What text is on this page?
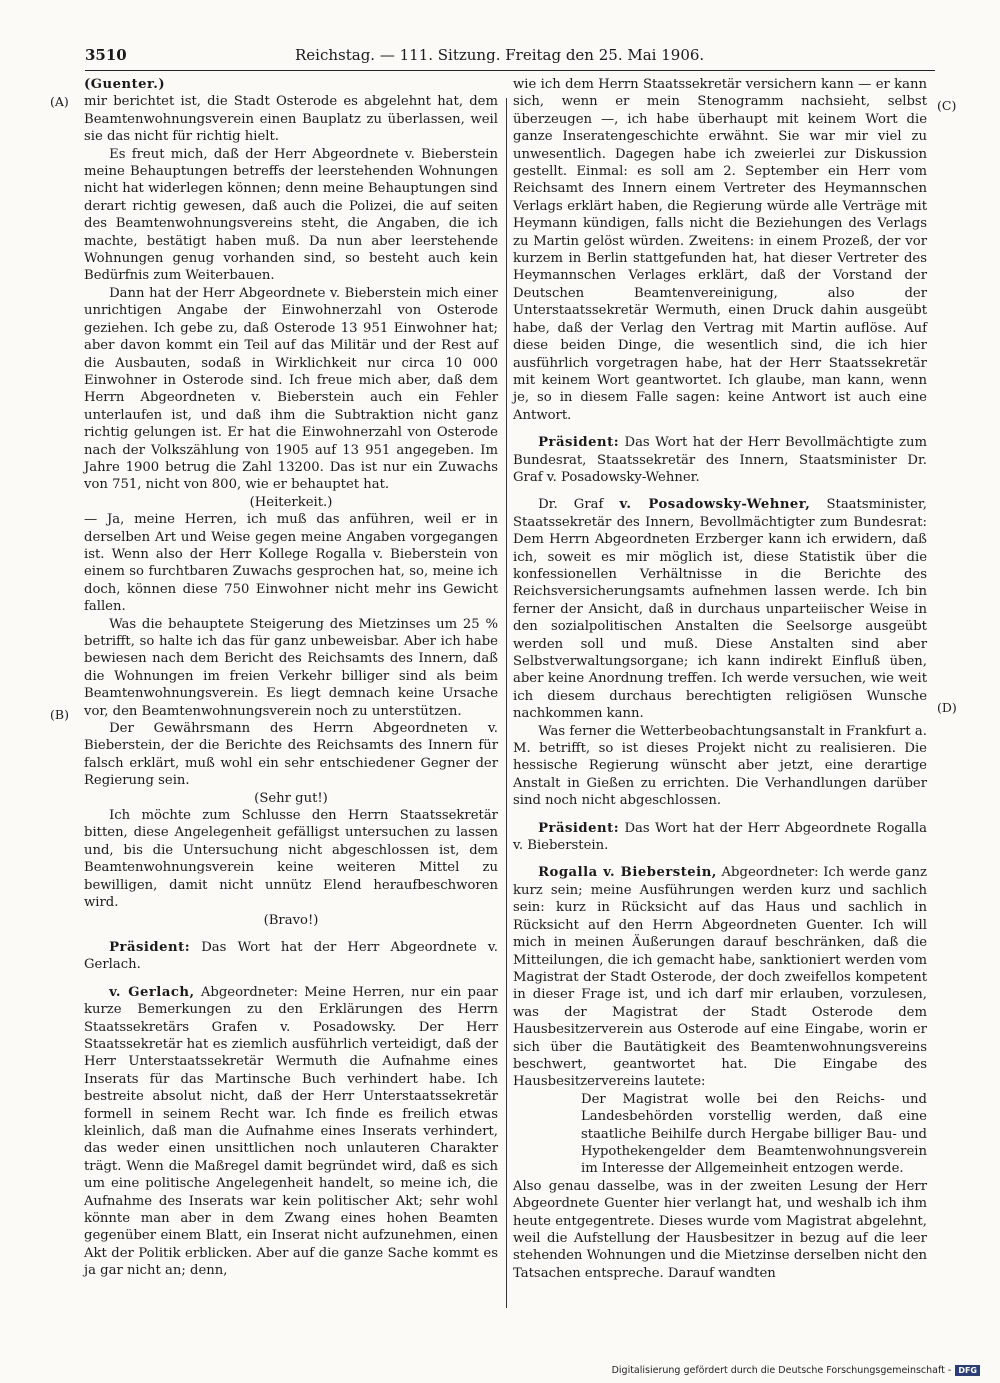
3510	Reichstag. — 111. Sitzung. Freitag den 25. Mai 1906.
(A)
(B)
(C)
(D)

(Guenter.)

mir berichtet ist, die Stadt Osterode es abgelehnt hat, dem Beamtenwohnungsverein einen Bauplatz zu überlassen, weil sie das nicht für richtig hielt.

Es freut mich, daß der Herr Abgeordnete v. Bieberstein meine Behauptungen betreffs der leerstehenden Wohnungen nicht hat widerlegen können; denn meine Behauptungen sind derart richtig gewesen, daß auch die Polizei, die auf seiten des Beamtenwohnungsvereins steht, die Angaben, die ich machte, bestätigt haben muß. Da nun aber leerstehende Wohnungen genug vorhanden sind, so besteht auch kein Bedürfnis zum Weiterbauen.

Dann hat der Herr Abgeordnete v. Bieberstein mich einer unrichtigen Angabe der Einwohnerzahl von Osterode geziehen. Ich gebe zu, daß Osterode 13 951 Einwohner hat; aber davon kommt ein Teil auf das Militär und der Rest auf die Ausbauten, sodaß in Wirklichkeit nur circa 10 000 Einwohner in Osterode sind. Ich freue mich aber, daß dem Herrn Abgeordneten v. Bieberstein auch ein Fehler unterlaufen ist, und daß ihm die Subtraktion nicht ganz richtig gelungen ist. Er hat die Einwohnerzahl von Osterode nach der Volkszählung von 1905 auf 13 951 angegeben. Im Jahre 1900 betrug die Zahl 13200. Das ist nur ein Zuwachs von 751, nicht von 800, wie er behauptet hat.

(Heiterkeit.)

— Ja, meine Herren, ich muß das anführen, weil er in derselben Art und Weise gegen meine Angaben vorgegangen ist. Wenn also der Herr Kollege Rogalla v. Bieberstein von einem so furchtbaren Zuwachs gesprochen hat, so, meine ich doch, können diese 750 Einwohner nicht mehr ins Gewicht fallen.

Was die behauptete Steigerung des Mietzinses um 25 % betrifft, so halte ich das für ganz unbeweisbar. Aber ich habe bewiesen nach dem Bericht des Reichsamts des Innern, daß die Wohnungen im freien Verkehr billiger sind als beim Beamtenwohnungsverein. Es liegt demnach keine Ursache vor, den Beamtenwohnungsverein noch zu unterstützen.

Der Gewährsmann des Herrn Abgeordneten v. Bieberstein, der die Berichte des Reichsamts des Innern für falsch erklärt, muß wohl ein sehr entschiedener Gegner der Regierung sein.

(Sehr gut!)

Ich möchte zum Schlusse den Herrn Staatssekretär bitten, diese Angelegenheit gefälligst untersuchen zu lassen und, bis die Untersuchung nicht abgeschlossen ist, dem Beamtenwohnungsverein keine weiteren Mittel zu bewilligen, damit nicht unnütz Elend heraufbeschworen wird.

(Bravo!)

Präsident: Das Wort hat der Herr Abgeordnete v. Gerlach.

v. Gerlach, Abgeordneter: Meine Herren, nur ein paar kurze Bemerkungen zu den Erklärungen des Herrn Staatssekretärs Grafen v. Posadowsky. Der Herr Staatssekretär hat es ziemlich ausführlich verteidigt, daß der Herr Unterstaatssekretär Wermuth die Aufnahme eines Inserats für das Martinsche Buch verhindert habe. Ich bestreite absolut nicht, daß der Herr Unterstaatssekretär formell in seinem Recht war. Ich finde es freilich etwas kleinlich, daß man die Aufnahme eines Inserats verhindert, das weder einen unsittlichen noch unlauteren Charakter trägt. Wenn die Maßregel damit begründet wird, daß es sich um eine politische Angelegenheit handelt, so meine ich, die Aufnahme des Inserats war kein politischer Akt; sehr wohl könnte man aber in dem Zwang eines hohen Beamten gegenüber einem Blatt, ein Inserat nicht aufzunehmen, einen Akt der Politik erblicken. Aber auf die ganze Sache kommt es ja gar nicht an; denn,

wie ich dem Herrn Staatssekretär versichern kann — er kann sich, wenn er mein Stenogramm nachsieht, selbst überzeugen —, ich habe überhaupt mit keinem Wort die ganze Inseratengeschichte erwähnt. Sie war mir viel zu unwesentlich. Dagegen habe ich zweierlei zur Diskussion gestellt. Einmal: es soll am 2. September ein Herr vom Reichsamt des Innern einem Vertreter des Heymannschen Verlags erklärt haben, die Regierung würde alle Verträge mit Heymann kündigen, falls nicht die Beziehungen des Verlags zu Martin gelöst würden. Zweitens: in einem Prozeß, der vor kurzem in Berlin stattgefunden hat, hat dieser Vertreter des Heymannschen Verlages erklärt, daß der Vorstand der Deutschen Beamtenvereinigung, also der Unterstaatssekretär Wermuth, einen Druck dahin ausgeübt habe, daß der Verlag den Vertrag mit Martin auflöse. Auf diese beiden Dinge, die wesentlich sind, die ich hier ausführlich vorgetragen habe, hat der Herr Staatssekretär mit keinem Wort geantwortet. Ich glaube, man kann, wenn je, so in diesem Falle sagen: keine Antwort ist auch eine Antwort.

Präsident: Das Wort hat der Herr Bevollmächtigte zum Bundesrat, Staatssekretär des Innern, Staatsminister Dr. Graf v. Posadowsky-Wehner.

Dr. Graf v. Posadowsky-Wehner, Staatsminister, Staatssekretär des Innern, Bevollmächtigter zum Bundesrat: Dem Herrn Abgeordneten Erzberger kann ich erwidern, daß ich, soweit es mir möglich ist, diese Statistik über die konfessionellen Verhältnisse in die Berichte des Reichsversicherungsamts aufnehmen lassen werde. Ich bin ferner der Ansicht, daß in durchaus unparteiischer Weise in den sozialpolitischen Anstalten die Seelsorge ausgeübt werden soll und muß. Diese Anstalten sind aber Selbstverwaltungsorgane; ich kann indirekt Einfluß üben, aber keine Anordnung treffen. Ich werde versuchen, wie weit ich diesem durchaus berechtigten religiösen Wunsche nachkommen kann.

Was ferner die Wetterbeobachtungsanstalt in Frankfurt a. M. betrifft, so ist dieses Projekt nicht zu realisieren. Die hessische Regierung wünscht aber jetzt, eine derartige Anstalt in Gießen zu errichten. Die Verhandlungen darüber sind noch nicht abgeschlossen.

Präsident: Das Wort hat der Herr Abgeordnete Rogalla v. Bieberstein.

Rogalla v. Bieberstein, Abgeordneter: Ich werde ganz kurz sein; meine Ausführungen werden kurz und sachlich sein: kurz in Rücksicht auf das Haus und sachlich in Rücksicht auf den Herrn Abgeordneten Guenter. Ich will mich in meinen Äußerungen darauf beschränken, daß die Mitteilungen, die ich gemacht habe, sanktioniert werden vom Magistrat der Stadt Osterode, der doch zweifellos kompetent in dieser Frage ist, und ich darf mir erlauben, vorzulesen, was der Magistrat der Stadt Osterode dem Hausbesitzerverein aus Osterode auf eine Eingabe, worin er sich über die Bautätigkeit des Beamtenwohnungsvereins beschwert, geantwortet hat. Die Eingabe des Hausbesitzervereins lautete:

Der Magistrat wolle bei den Reichs- und Landesbehörden vorstellig werden, daß eine staatliche Beihilfe durch Hergabe billiger Bau- und Hypothekengelder dem Beamtenwohnungsverein im Interesse der Allgemeinheit entzogen werde.

Also genau dasselbe, was in der zweiten Lesung der Herr Abgeordnete Guenter hier verlangt hat, und weshalb ich ihm heute entgegentrete. Dieses wurde vom Magistrat abgelehnt, weil die Aufstellung der Hausbesitzer in bezug auf die leer stehenden Wohnungen und die Mietzinse derselben nicht den Tatsachen entspreche. Darauf wandten

Digitalisierung gefördert durch die Deutsche Forschungsgemeinschaft - DFG
